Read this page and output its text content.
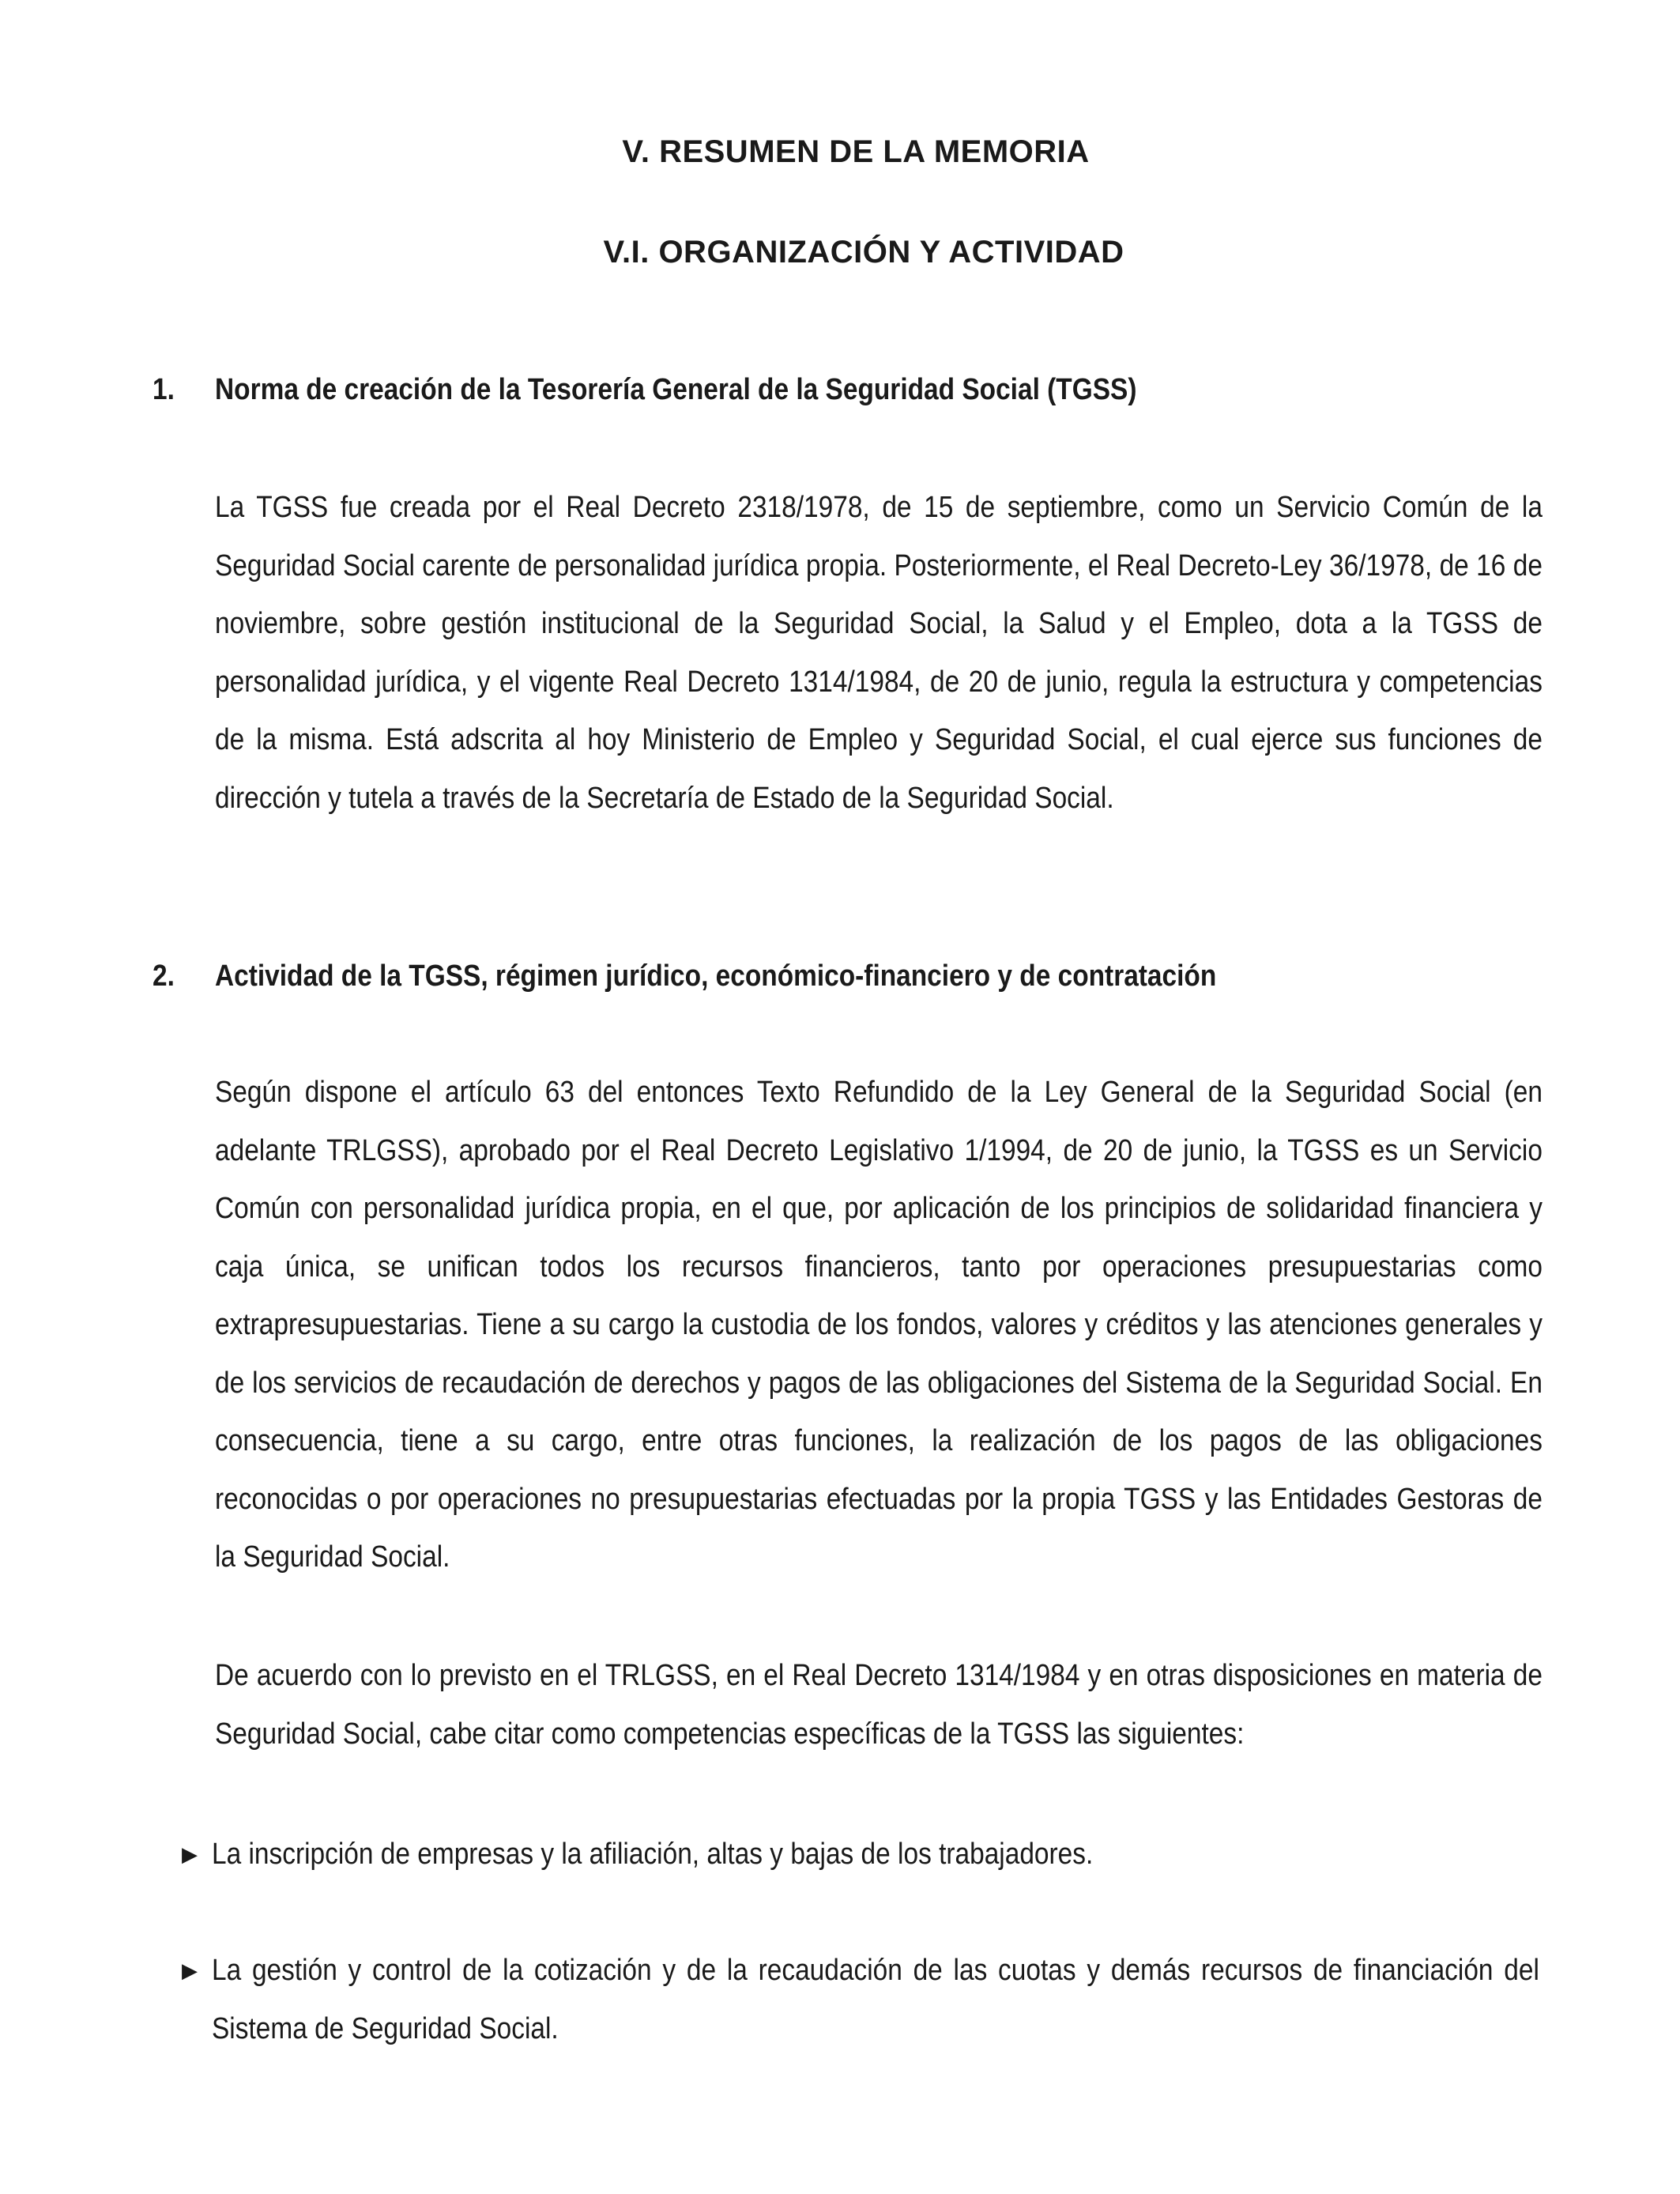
V. RESUMEN DE LA MEMORIA
V.I. ORGANIZACIÓN Y ACTIVIDAD
1. Norma de creación de la Tesorería General de la Seguridad Social (TGSS)

La TGSS fue creada por el Real Decreto 2318/1978, de 15 de septiembre, como un Servicio Común de la Seguridad Social carente de personalidad jurídica propia. Posteriormente, el Real Decreto-Ley 36/1978, de 16 de noviembre, sobre gestión institucional de la Seguridad Social, la Salud y el Empleo, dota a la TGSS de personalidad jurídica, y el vigente Real Decreto 1314/1984, de 20 de junio, regula la estructura y competencias de la misma. Está adscrita al hoy Ministerio de Empleo y Seguridad Social, el cual ejerce sus funciones de dirección y tutela a través de la Secretaría de Estado de la Seguridad Social.

2. Actividad de la TGSS, régimen jurídico, económico-financiero y de contratación

Según dispone el artículo 63 del entonces Texto Refundido de la Ley General de la Seguridad Social (en adelante TRLGSS), aprobado por el Real Decreto Legislativo 1/1994, de 20 de junio, la TGSS es un Servicio Común con personalidad jurídica propia, en el que, por aplicación de los principios de solidaridad financiera y caja única, se unifican todos los recursos financieros, tanto por operaciones presupuestarias como extrapresupuestarias. Tiene a su cargo la custodia de los fondos, valores y créditos y las atenciones generales y de los servicios de recaudación de derechos y pagos de las obligaciones del Sistema de la Seguridad Social. En consecuencia, tiene a su cargo, entre otras funciones, la realización de los pagos de las obligaciones reconocidas o por operaciones no presupuestarias efectuadas por la propia TGSS y las Entidades Gestoras de la Seguridad Social.

De acuerdo con lo previsto en el TRLGSS, en el Real Decreto 1314/1984 y en otras disposiciones en materia de Seguridad Social, cabe citar como competencias específicas de la TGSS las siguientes:

▶ La inscripción de empresas y la afiliación, altas y bajas de los trabajadores.

▶ La gestión y control de la cotización y de la recaudación de las cuotas y demás recursos de financiación del Sistema de Seguridad Social.
